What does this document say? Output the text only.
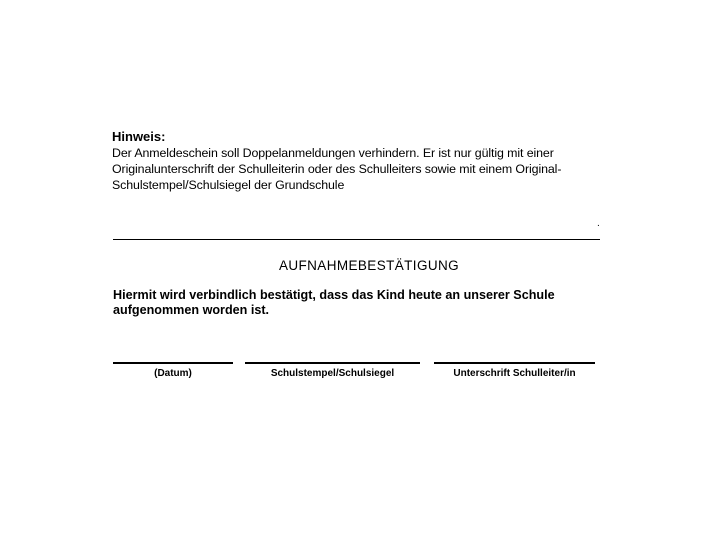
Hinweis:

Der Anmeldeschein soll Doppelanmeldungen verhindern. Er ist nur gültig mit einer

Originalunterschrift der Schulleiterin oder des Schulleiters sowie mit einem Original-

Schulstempel/Schulsiegel der Grundschule

.
AUFNAHMEBESTÄTIGUNG
Hiermit wird verbindlich bestätigt, dass das Kind heute an unserer Schule
aufgenommen worden ist.
(Datum)	Schulstempel/Schulsiegel	Unterschrift Schulleiter/in
